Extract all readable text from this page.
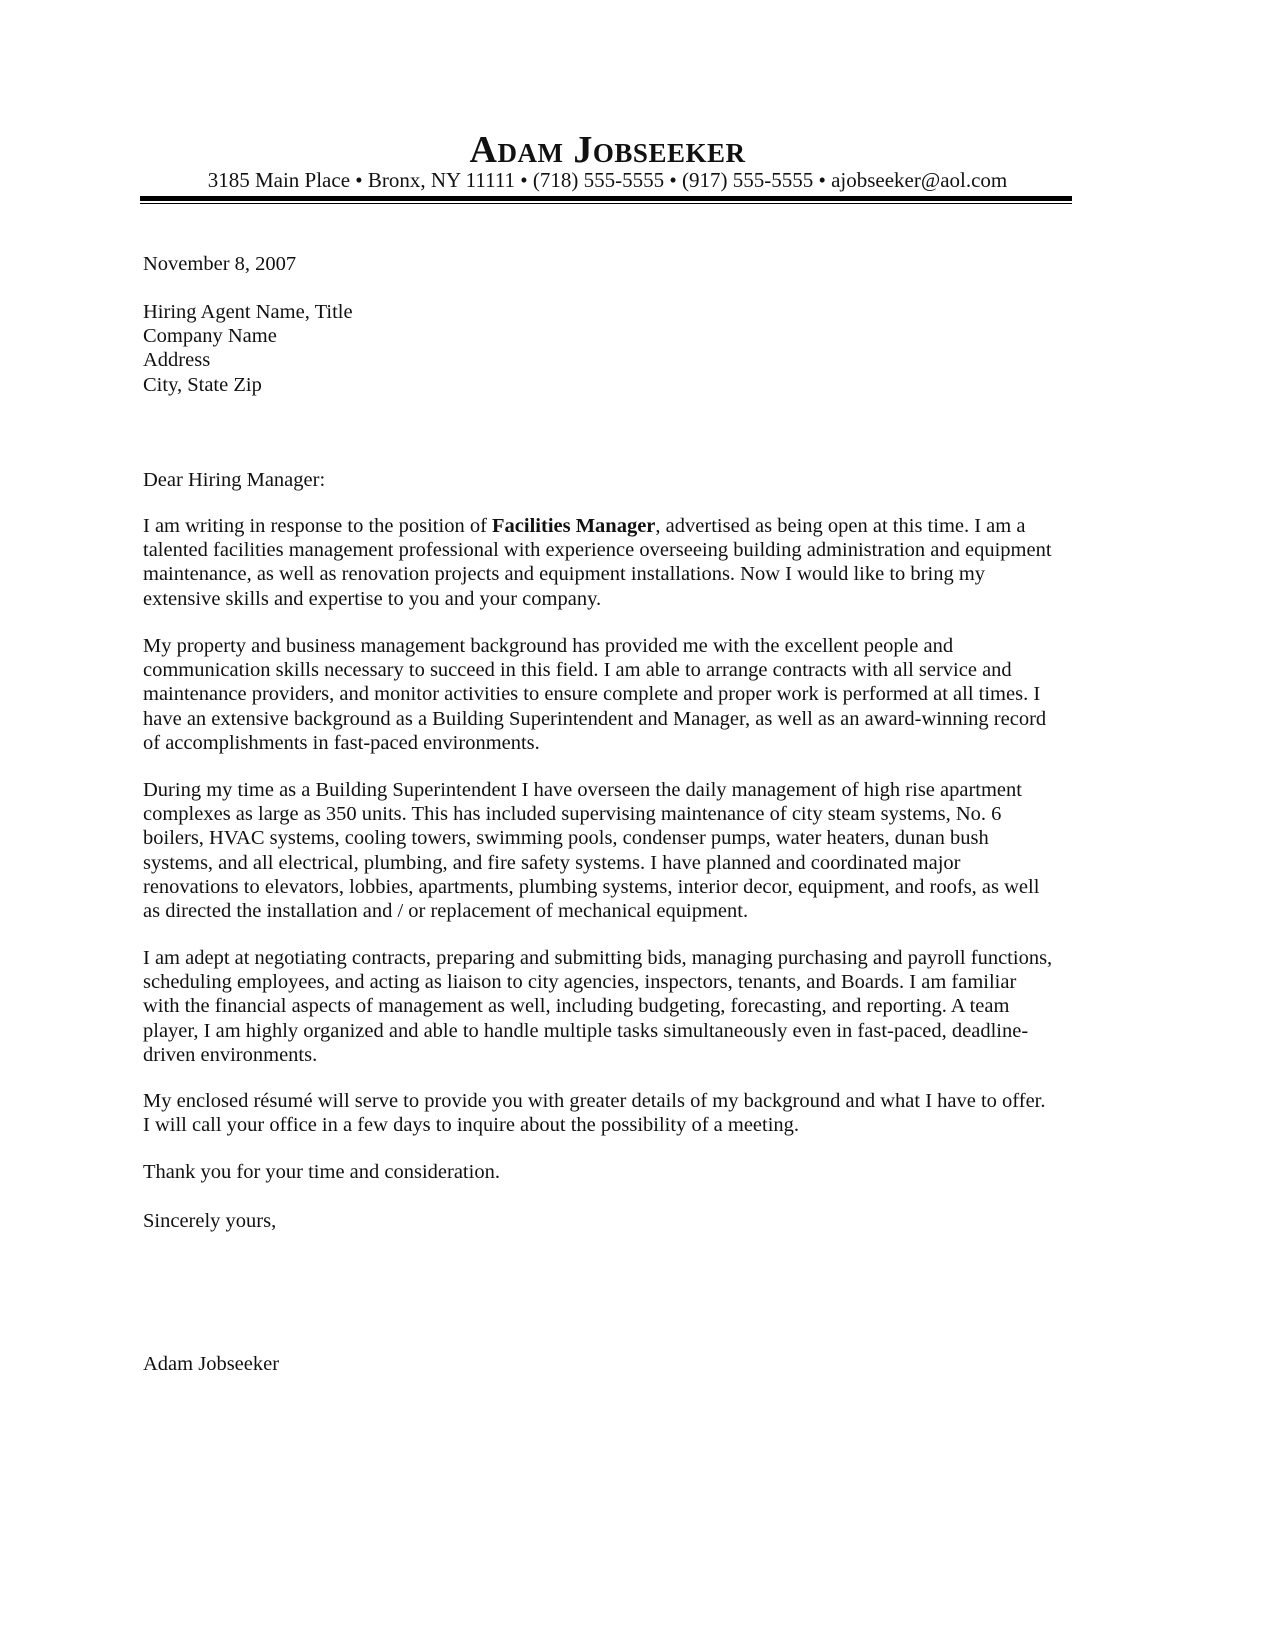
Adam Jobseeker
3185 Main Place • Bronx, NY 11111 • (718) 555-5555 • (917) 555-5555 • ajobseeker@aol.com
November 8, 2007
Hiring Agent Name, Title
Company Name
Address
City, State Zip
Dear Hiring Manager:
I am writing in response to the position of Facilities Manager, advertised as being open at this time. I am a
talented facilities management professional with experience overseeing building administration and equipment
maintenance, as well as renovation projects and equipment installations. Now I would like to bring my
extensive skills and expertise to you and your company.
My property and business management background has provided me with the excellent people and
communication skills necessary to succeed in this field. I am able to arrange contracts with all service and
maintenance providers, and monitor activities to ensure complete and proper work is performed at all times. I
have an extensive background as a Building Superintendent and Manager, as well as an award-winning record
of accomplishments in fast-paced environments.
During my time as a Building Superintendent I have overseen the daily management of high rise apartment
complexes as large as 350 units. This has included supervising maintenance of city steam systems, No. 6
boilers, HVAC systems, cooling towers, swimming pools, condenser pumps, water heaters, dunan bush
systems, and all electrical, plumbing, and fire safety systems. I have planned and coordinated major
renovations to elevators, lobbies, apartments, plumbing systems, interior decor, equipment, and roofs, as well
as directed the installation and / or replacement of mechanical equipment.
I am adept at negotiating contracts, preparing and submitting bids, managing purchasing and payroll functions,
scheduling employees, and acting as liaison to city agencies, inspectors, tenants, and Boards. I am familiar
with the financial aspects of management as well, including budgeting, forecasting, and reporting. A team
player, I am highly organized and able to handle multiple tasks simultaneously even in fast-paced, deadline-
driven environments.
My enclosed résumé will serve to provide you with greater details of my background and what I have to offer.
I will call your office in a few days to inquire about the possibility of a meeting.
Thank you for your time and consideration.
Sincerely yours,
Adam Jobseeker
